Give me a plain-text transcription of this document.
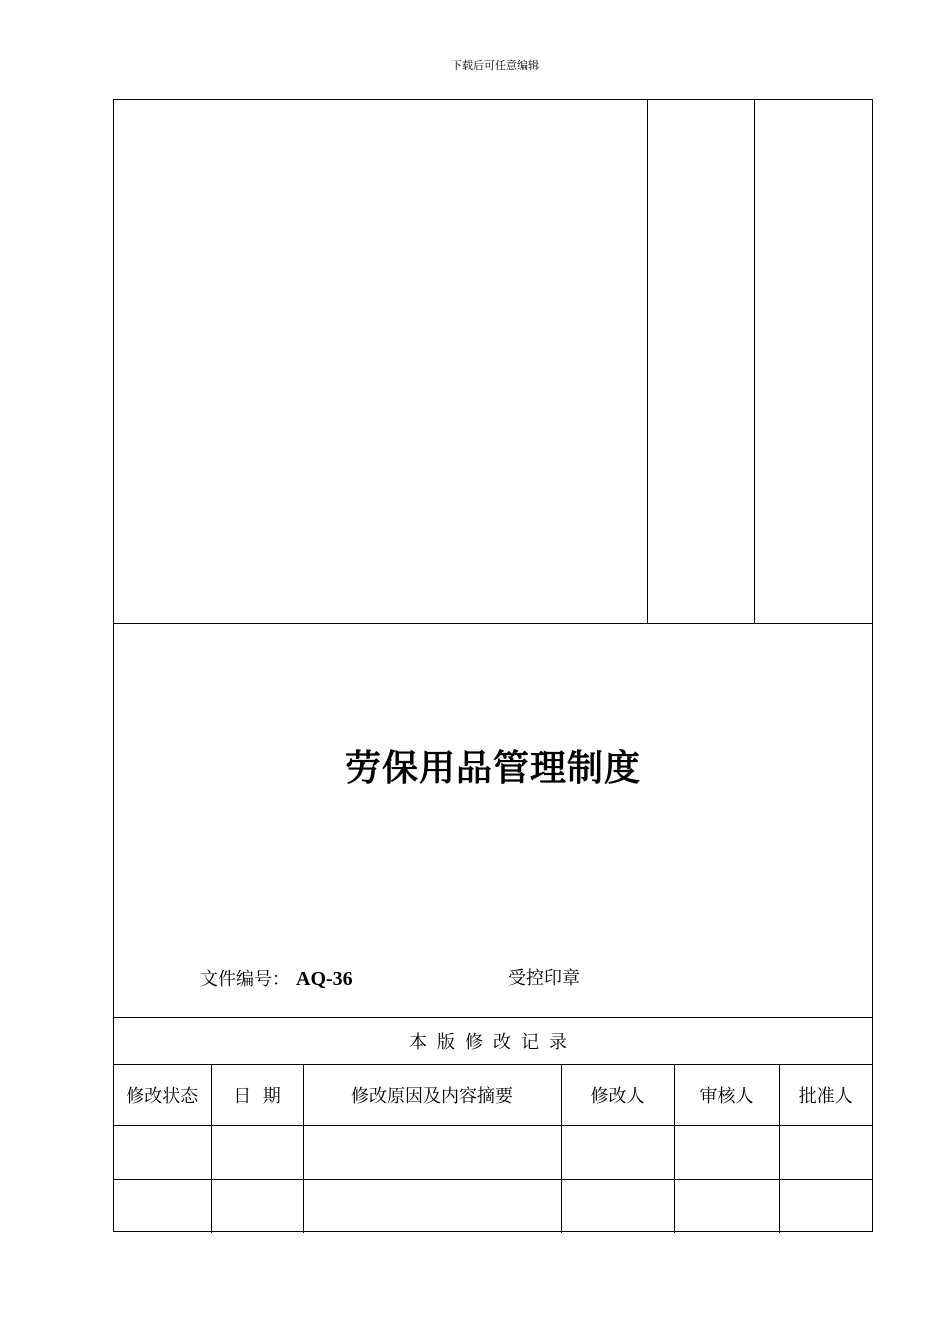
下载后可任意编辑
劳保用品管理制度
文件编号： AQ-36	受控印章
本版修改记录					
修改状态	日  期	修改原因及内容摘要	修改人	审核人	批准人
